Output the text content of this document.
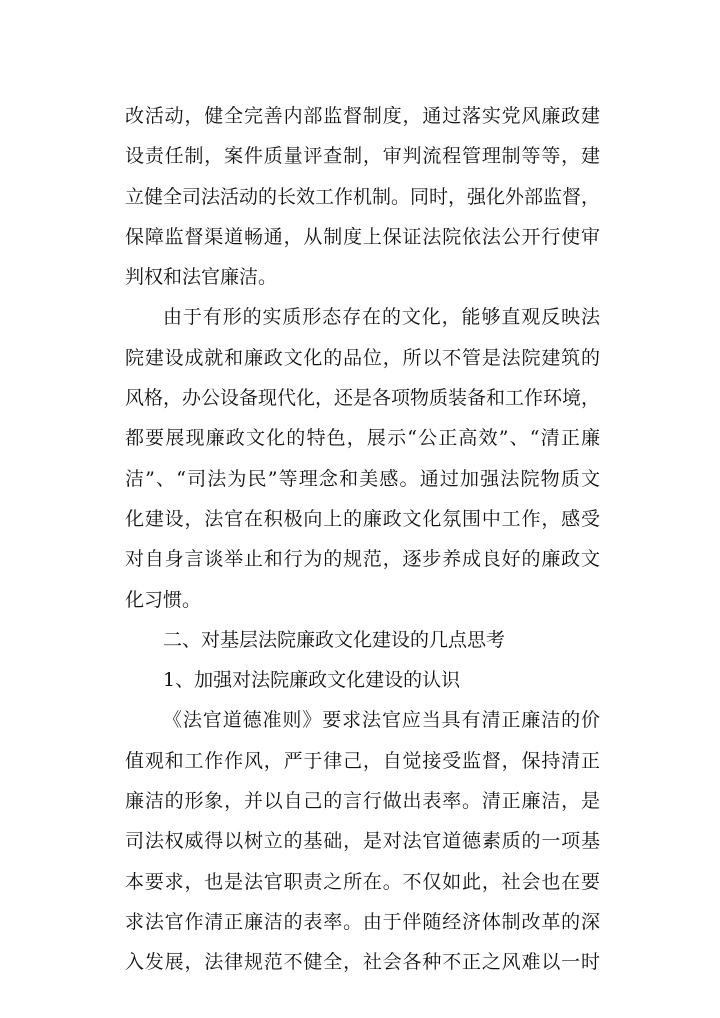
改活动，健全完善内部监督制度，通过落实党风廉政建
设责任制，案件质量评查制，审判流程管理制等等，建
立健全司法活动的长效工作机制。同时，强化外部监督，
保障监督渠道畅通，从制度上保证法院依法公开行使审
判权和法官廉洁。
由于有形的实质形态存在的文化，能够直观反映法
院建设成就和廉政文化的品位，所以不管是法院建筑的
风格，办公设备现代化，还是各项物质装备和工作环境，
都要展现廉政文化的特色，展示“公正高效”、“清正廉
洁”、“司法为民”等理念和美感。通过加强法院物质文
化建设，法官在积极向上的廉政文化氛围中工作，感受
对自身言谈举止和行为的规范，逐步养成良好的廉政文
化习惯。
二、对基层法院廉政文化建设的几点思考
1、加强对法院廉政文化建设的认识
《法官道德准则》要求法官应当具有清正廉洁的价
值观和工作作风，严于律己，自觉接受监督，保持清正
廉洁的形象，并以自己的言行做出表率。清正廉洁，是
司法权威得以树立的基础，是对法官道德素质的一项基
本要求，也是法官职责之所在。不仅如此，社会也在要
求法官作清正廉洁的表率。由于伴随经济体制改革的深
入发展，法律规范不健全，社会各种不正之风难以一时
